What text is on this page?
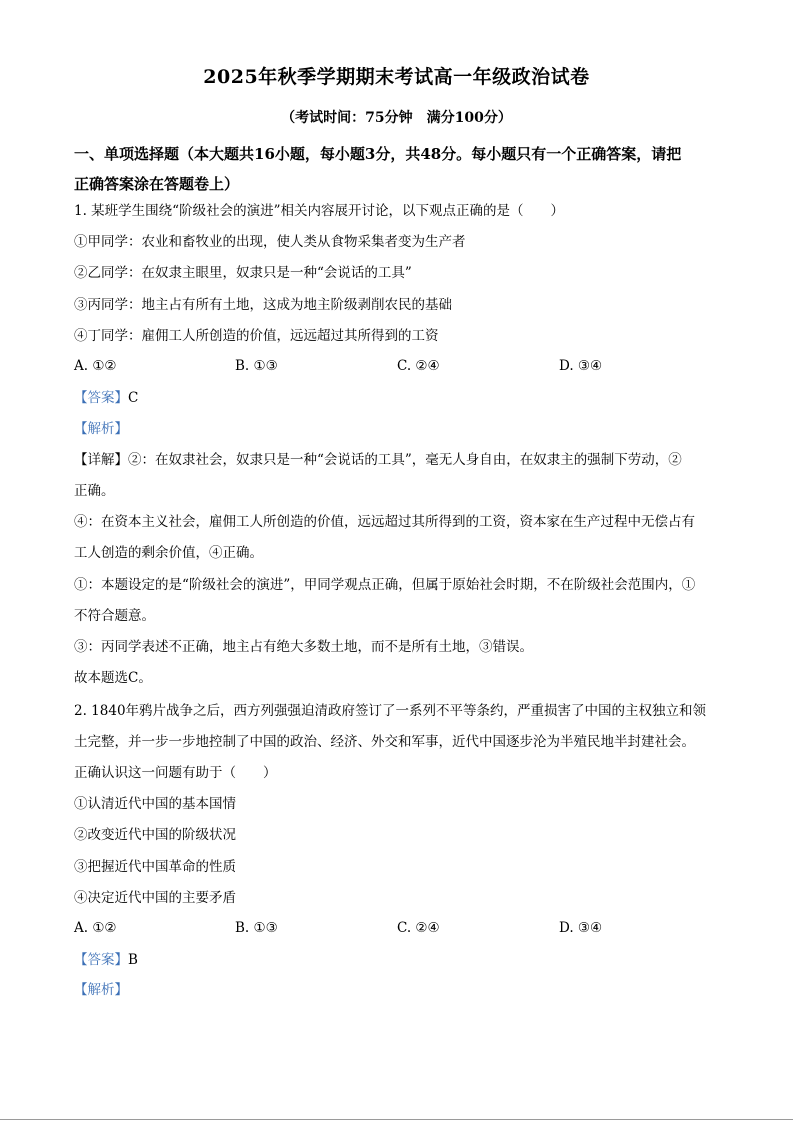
2025年秋季学期期末考试高一年级政治试卷
（考试时间：75分钟　满分100分）
一、单项选择题（本大题共16小题，每小题3分，共48分。每小题只有一个正确答案，请把
正确答案涂在答题卷上）
1. 某班学生围绕“阶级社会的演进”相关内容展开讨论，以下观点正确的是（　　）
①甲同学：农业和畜牧业的出现，使人类从食物采集者变为生产者
②乙同学：在奴隶主眼里，奴隶只是一种“会说话的工具”
③丙同学：地主占有所有土地，这成为地主阶级剥削农民的基础
④丁同学：雇佣工人所创造的价值，远远超过其所得到的工资
A. ①②	B. ①③	C. ②④	D. ③④
【答案】C
【解析】
【详解】②：在奴隶社会，奴隶只是一种“会说话的工具”，毫无人身自由，在奴隶主的强制下劳动，②
正确。
④：在资本主义社会，雇佣工人所创造的价值，远远超过其所得到的工资，资本家在生产过程中无偿占有
工人创造的剩余价值，④正确。
①：本题设定的是“阶级社会的演进”，甲同学观点正确，但属于原始社会时期，不在阶级社会范围内，①
不符合题意。
③：丙同学表述不正确，地主占有绝大多数土地，而不是所有土地，③错误。
故本题选C。
2. 1840年鸦片战争之后，西方列强强迫清政府签订了一系列不平等条约，严重损害了中国的主权独立和领
土完整，并一步一步地控制了中国的政治、经济、外交和军事，近代中国逐步沦为半殖民地半封建社会。
正确认识这一问题有助于（　　）
①认清近代中国的基本国情
②改变近代中国的阶级状况
③把握近代中国革命的性质
④决定近代中国的主要矛盾
A. ①②	B. ①③	C. ②④	D. ③④
【答案】B
【解析】
